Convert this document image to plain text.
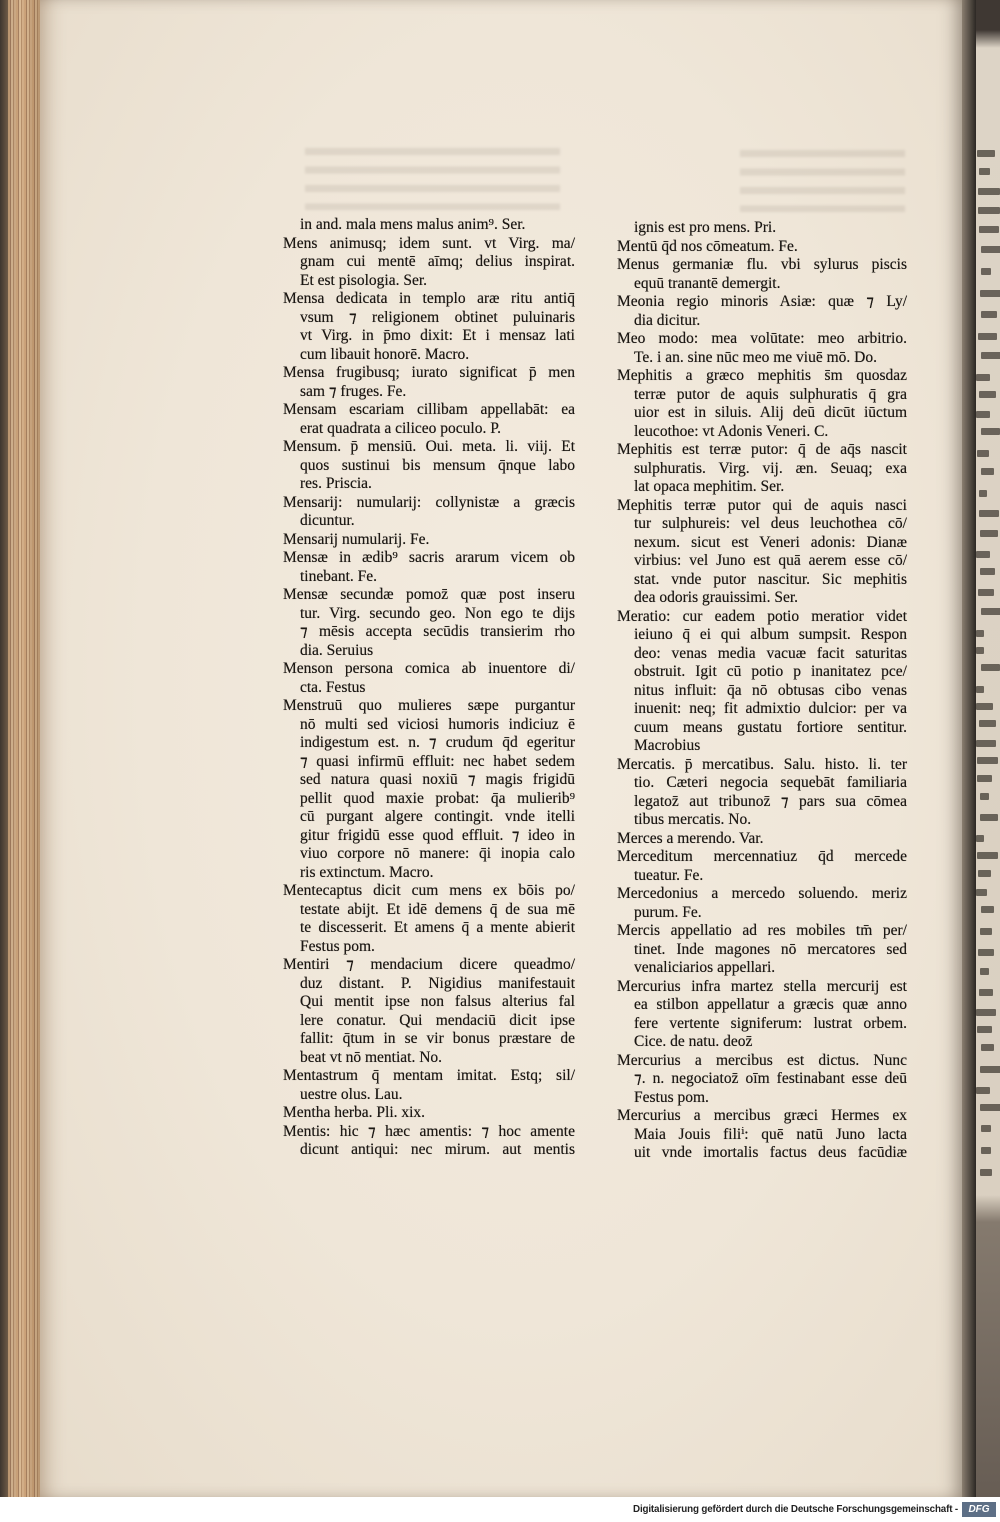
in and. mala mens malus anim⁹. Ser.
Mens animusq; idem sunt. vt Virg. ma/
gnam cui mentē aīmq; delius inspirat.
Et est pisologia. Ser.
Mensa dedicata in templo aræ ritu antiq̄
vsum ⁊ religionem obtinet puluinaris
vt Virg. in p̄mo dixit: Et i mensaz lati
cum libauit honorē. Macro.
Mensa frugibusq; iurato significat p̄ men
sam ⁊ fruges. Fe.
Mensam escariam cillibam appellabāt: ea
erat quadrata a ciliceo poculo. P.
Mensum. p̄ mensiū. Oui. meta. li. viij. Et
quos sustinui bis mensum q̄nque labo
res. Priscia.
Mensarij: numularij: collynistæ a græcis
dicuntur.
Mensarij numularij. Fe.
Mensæ in ædib⁹ sacris ararum vicem ob
tinebant. Fe.
Mensæ secundæ pomoz̄ quæ post inseru
tur. Virg. secundo geo. Non ego te dijs
⁊ mēsis accepta secūdis transierim rho
dia. Seruius
Menson persona comica ab inuentore di/
cta. Festus
Menstruū quo mulieres sæpe purgantur
nō multi sed viciosi humoris indiciuz ē
indigestum est. n. ⁊ crudum q̄d egeritur
⁊ quasi infirmū effluit: nec habet sedem
sed natura quasi noxiū ⁊ magis frigidū
pellit quod maxie probat: q̄a mulierib⁹
cū purgant algere contingit. vnde itelli
gitur frigidū esse quod effluit. ⁊ ideo in
viuo corpore nō manere: q̄i inopia calo
ris extinctum. Macro.
Mentecaptus dicit cum mens ex bōis po/
testate abijt. Et idē demens q̄ de sua mē
te discesserit. Et amens q̄ a mente abierit
Festus pom.
Mentiri ⁊ mendacium dicere queadmo/
duz distant. P. Nigidius manifestauit
Qui mentit ipse non falsus alterius fal
lere conatur. Qui mendaciū dicit ipse
fallit: q̄tum in se vir bonus præstare de
beat vt nō mentiat. No.
Mentastrum q̄ mentam imitat. Estq; sil/
uestre olus. Lau.
Mentha herba. Pli. xix.
Mentis: hic ⁊ hæc amentis: ⁊ hoc amente
dicunt antiqui: nec mirum. aut mentis
ignis est pro mens. Pri.
Mentū q̄d nos cōmeatum. Fe.
Menus germaniæ flu. vbi sylurus piscis
equū tranantē demergit.
Meonia regio minoris Asiæ: quæ ⁊ Ly/
dia dicitur.
Meo modo: mea volūtate: meo arbitrio.
Te. i an. sine nūc meo me viuē mō. Do.
Mephitis a græco mephitis s̄m quosdaz
terræ putor de aquis sulphuratis q̄ gra
uior est in siluis. Alij deū dicūt iūctum
leucothoe: vt Adonis Veneri. C.
Mephitis est terræ putor: q̄ de aq̄s nascit
sulphuratis. Virg. vij. æn. Seuaq; exa
lat opaca mephitim. Ser.
Mephitis terræ putor qui de aquis nasci
tur sulphureis: vel deus leuchothea cō/
nexum. sicut est Veneri adonis: Dianæ
virbius: vel Juno est quā aerem esse cō/
stat. vnde putor nascitur. Sic mephitis
dea odoris grauissimi. Ser.
Meratio: cur eadem potio meratior videt
ieiuno q̄ ei qui album sumpsit. Respon
deo: venas media vacuæ facit saturitas
obstruit. Igit cū potio p inanitatez pce/
nitus influit: q̄a nō obtusas cibo venas
inuenit: neq; fit admixtio dulcior: per va
cuum means gustatu fortiore sentitur.
Macrobius
Mercatis. p̄ mercatibus. Salu. histo. li. ter
tio. Cæteri negocia sequebāt familiaria
legatoz̄ aut tribunoz̄ ⁊ pars sua cōmea
tibus mercatis. No.
Merces a merendo. Var.
Merceditum mercennatiuz q̄d mercede
tueatur. Fe.
Mercedonius a mercedo soluendo. meriz
purum. Fe.
Mercis appellatio ad res mobiles tm̄ per/
tinet. Inde magones nō mercatores sed
venaliciarios appellari.
Mercurius infra martez stella mercurij est
ea stilbon appellatur a græcis quæ anno
fere vertente signiferum: lustrat orbem.
Cice. de natu. deoz̄
Mercurius a mercibus est dictus. Nunc
⁊. n. negociatoz̄ oīm festinabant esse deū
Festus pom.
Mercurius a mercibus græci Hermes ex
Maia Jouis filiⁱ: quē natū Juno lacta
uit vnde imortalis factus deus facūdiæ
Digitalisierung gefördert durch die Deutsche Forschungsgemeinschaft -	DFG
